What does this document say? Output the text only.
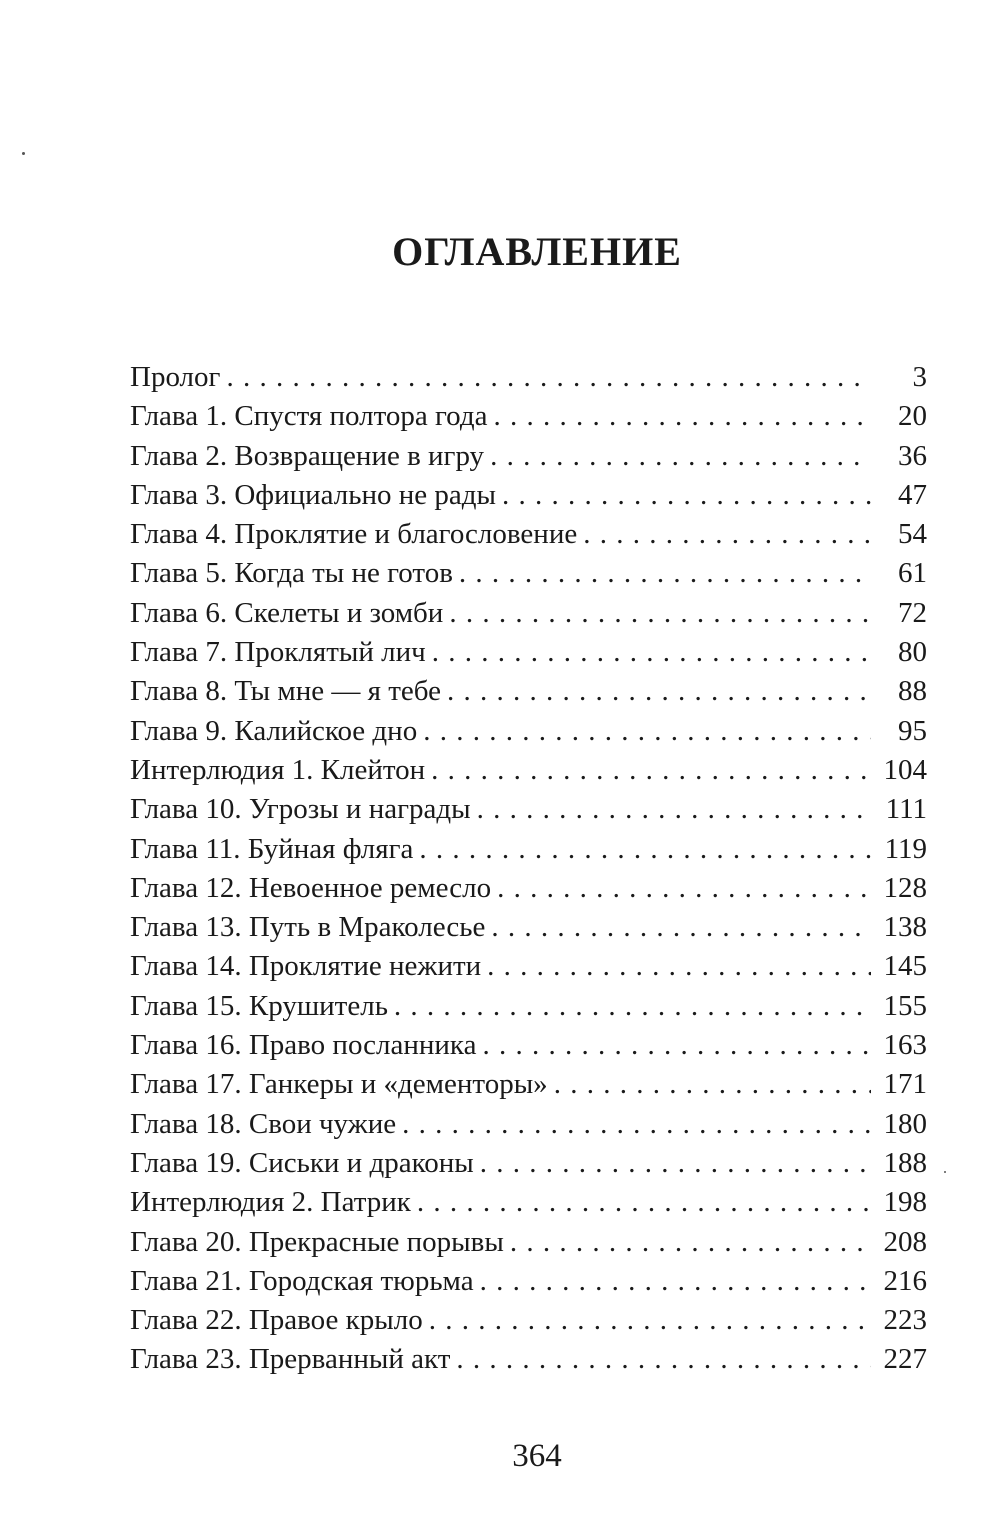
ОГЛАВЛЕНИЕ
Пролог . . .	3
Глава 1. Спустя полтора года . . .	20
Глава 2. Возвращение в игру . . .	36
Глава 3. Официально не рады . . .	47
Глава 4. Проклятие и благословение . . .	54
Глава 5. Когда ты не готов . . .	61
Глава 6. Скелеты и зомби . . .	72
Глава 7. Проклятый лич . . .	80
Глава 8. Ты мне — я тебе . . .	88
Глава 9. Калийское дно . . .	95
Интерлюдия 1. Клейтон . . .	104
Глава 10. Угрозы и награды . . .	111
Глава 11. Буйная фляга . . .	119
Глава 12. Невоенное ремесло . . .	128
Глава 13. Путь в Мраколесье . . .	138
Глава 14. Проклятие нежити . . .	145
Глава 15. Крушитель . . .	155
Глава 16. Право посланника . . .	163
Глава 17. Ганкеры и «дементоры» . . .	171
Глава 18. Свои чужие . . .	180
Глава 19. Сиськи и драконы . . .	188
Интерлюдия 2. Патрик . . .	198
Глава 20. Прекрасные порывы . . .	208
Глава 21. Городская тюрьма . . .	216
Глава 22. Правое крыло . . .	223
Глава 23. Прерванный акт . . .	227
364
